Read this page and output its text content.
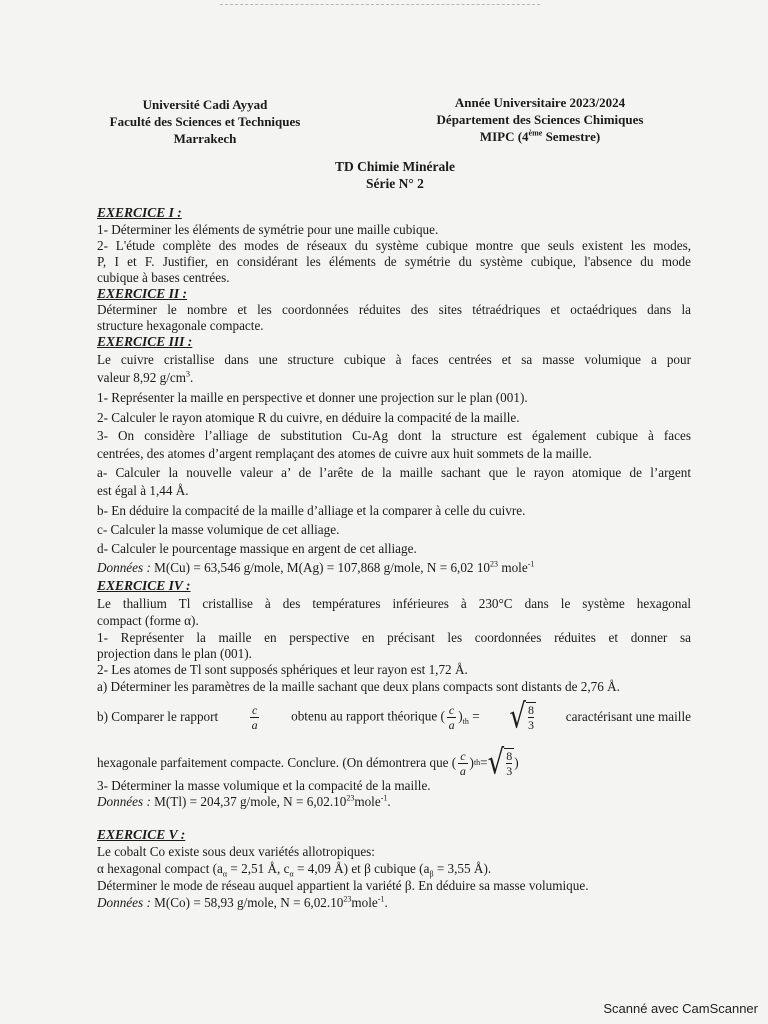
Université Cadi Ayyad
Faculté des Sciences et Techniques
Marrakech
Année Universitaire 2023/2024
Département des Sciences Chimiques
MIPC (4ème Semestre)
TD Chimie Minérale
Série N° 2
EXERCICE I :
1- Déterminer les éléments de symétrie pour une maille cubique.
2- L'étude complète des modes de réseaux du système cubique montre que seuls existent les modes,
P, I et F. Justifier, en considérant les éléments de symétrie du système cubique, l'absence du mode
cubique à bases centrées.
EXERCICE II :
Déterminer le nombre et les coordonnées réduites des sites tétraédriques et octaédriques dans la
structure hexagonale compacte.
EXERCICE III :
Le cuivre cristallise dans une structure cubique à faces centrées et sa masse volumique a pour
valeur 8,92 $g/cm^3$.
1- Représenter la maille en perspective et donner une projection sur le plan (001).
2- Calculer le rayon atomique R du cuivre, en déduire la compacité de la maille.
3- On considère l’alliage de substitution Cu-Ag dont la structure est également cubique à faces
centrées, des atomes d’argent remplaçant des atomes de cuivre aux huit sommets de la maille.
a- Calculer la nouvelle valeur a’ de l’arête de la maille sachant que le rayon atomique de l’argent
est égal à 1,44 Å.
b- En déduire la compacité de la maille d’alliage et la comparer à celle du cuivre.
c- Calculer la masse volumique de cet alliage.
d- Calculer le pourcentage massique en argent de cet alliage.
Données : M(Cu) = 63,546 g/mole, M(Ag) = 107,868 g/mole, N = 6,02 $10^{23}$ mole$^{-1}$
EXERCICE IV :
Le thallium Tl cristallise à des températures inférieures à 230°C dans le système hexagonal
compact (forme α).
1- Représenter la maille en perspective en précisant les coordonnées réduites et donner sa
projection dans le plan (001).
2- Les atomes de Tl sont supposés sphériques et leur rayon est 1,72 Å.
a) Déterminer les paramètres de la maille sachant que deux plans compacts sont distants de 2,76 Å.
b) Comparer le rapport	$\frac{c}{a}$ obtenu au rapport théorique ( $\frac{c}{a} )_{th}$ = √ 8
3
caractérisant une maille
hexagonale parfaitement compacte. Conclure. (On démontrera que ( $\frac{c}{a}$ ) th = √ 8
3
)
3- Déterminer la masse volumique et la compacité de la maille.
Données : M(Tl) = 204,37 g/mole, $N = 6,02.10^{23}mole^{-1}$.
EXERCICE V :
Le cobalt Co existe sous deux variétés allotropiques:
α hexagonal compact ($a_\alpha = 2,51$ Å, $c_\alpha = 4,09$ Å) et β cubique ($a_\beta = 3,55$ Å).
Déterminer le mode de réseau auquel appartient la variété β. En déduire sa masse volumique.
Données : M(Co) = 58,93 g/mole, $N = 6,02.10^{23}mole^{-1}$.
Scanné avec CamScanner
